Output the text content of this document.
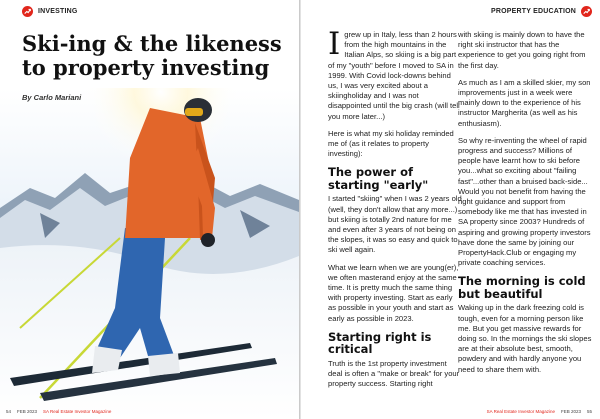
INVESTING
Ski-ing & the likeness to property investing
By Carlo Mariani
54 FEB 2023 SA Real Estate Investor Magazine
PROPERTY EDUCATION

Igrew up in Italy, less than 2 hours from the high mountains in the Italian Alps, so skiing is a big part of my "youth" before I moved to SA in 1999. With Covid lock-downs behind us, I was very excited about a skiingholiday and I was not disappointed until the big crash (will tell you more later...)

Here is what my ski holiday reminded me of (as it relates to property investing):

The power of starting "early"

I started "skiing" when I was 2 years old (well, they don't allow that any more...) but skiing is totally 2nd nature for me and even after 3 years of not being on the slopes, it was so easy and quick to ski well again.

What we learn when we are young(er), we often masterand enjoy at the same time. It is pretty much the same thing with property investing. Start as early as possible in your youth and start as early as possible in 2023.

Starting right is critical

Truth is the 1st property investment deal is often a "make or break" for your property success. Starting right

with skiing is mainly down to have the right ski instructor that has the experience to get you going right from the first day.

As much as I am a skilled skier, my son improvements just in a week were mainly down to the experience of his instructor Margherita (as well as his enthusiasm).

So why re-inventing the wheel of rapid progress and success? Millions of people have learnt how to ski before you...what so exciting about "failing fast"...other than a bruised back-side... Would you not benefit from having the right guidance and support from somebody like me that has invested in SA property since 2003? Hundreds of aspiring and growing property investors have done the same by joining our PropertyHack.Club or engaging my private coaching services.

The morning is cold but beautiful

Waking up in the dark freezing cold is tough, even for a morning person like me. But you get massive rewards for doing so. In the mornings the ski slopes are at their absolute best, smooth, powdery and with hardly anyone you need to share them with.

SA Real Estate Investor Magazine FEB 2023 55
